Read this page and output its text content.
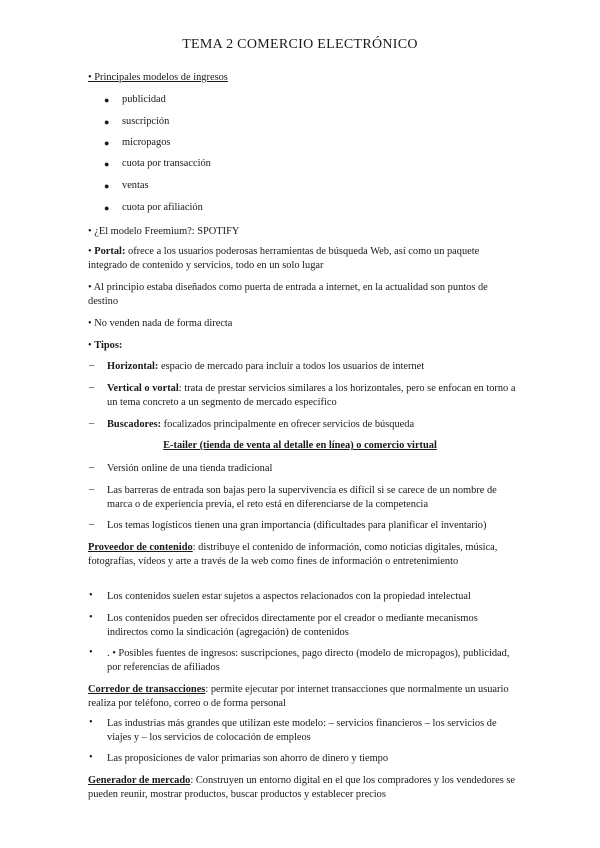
TEMA 2 COMERCIO ELECTRÓNICO
• Principales modelos de ingresos
● publicidad
● suscripción
● micropagos
● cuota por transacción
● ventas
● cuota por afiliación
• ¿El modelo Freemium?: SPOTIFY
• Portal: ofrece a los usuarios poderosas herramientas de búsqueda Web, así como un paquete integrado de contenido y servicios, todo en un solo lugar
• Al principio estaba diseñados como puerta de entrada a internet, en la actualidad son puntos de destino
• No venden nada de forma directa
• Tipos:
– Horizontal: espacio de mercado para incluir a todos los usuarios de internet
– Vertical o vortal: trata de prestar servicios similares a los horizontales, pero se enfocan en torno a un tema concreto a un segmento de mercado específico
– Buscadores: focalizados principalmente en ofrecer servicios de búsqueda
E-tailer (tienda de venta al detalle en línea) o comercio virtual
– Versión online de una tienda tradicional
– Las barreras de entrada son bajas pero la supervivencia es difícil si se carece de un nombre de marca o de experiencia previa, el reto está en diferenciarse de la competencia
– Los temas logísticos tienen una gran importancia (dificultades para planificar el inventario)
Proveedor de contenido: distribuye el contenido de información, como noticias digitales, música, fotografías, vídeos y arte a través de la web como fines de información o entretenimiento
• Los contenidos suelen estar sujetos a aspectos relacionados con la propiedad intelectual
• Los contenidos pueden ser ofrecidos directamente por el creador o mediante mecanismos indirectos como la sindicación (agregación) de contenidos
• . • Posibles fuentes de ingresos: suscripciones, pago directo (modelo de micropagos), publicidad, por referencias de afiliados
Corredor de transacciones: permite ejecutar por internet transacciones que normalmente un usuario realiza por teléfono, correo o de forma personal
• Las industrias más grandes que utilizan este modelo: – servicios financieros – los servicios de viajes y – los servicios de colocación de empleos
• Las proposiciones de valor primarias son ahorro de dinero y tiempo
Generador de mercado: Construyen un entorno digital en el que los compradores y los vendedores se pueden reunir, mostrar productos, buscar productos y establecer precios
